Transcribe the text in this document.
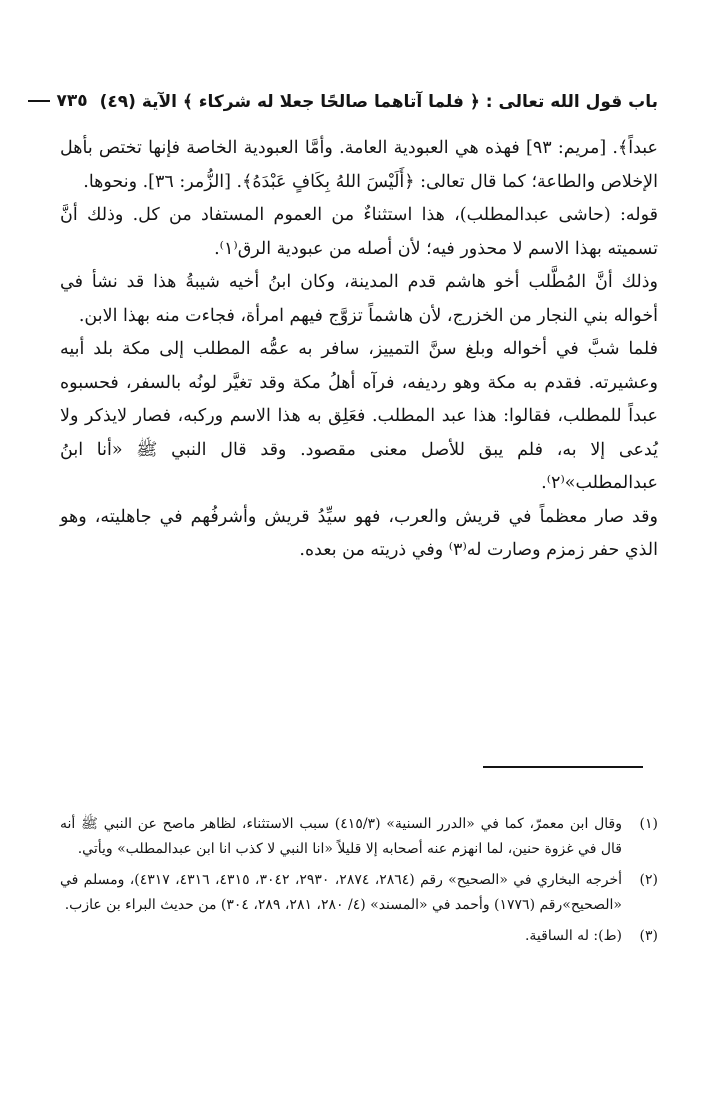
باب قول الله تعالى : ﴿ فلما آتاهما صالحًا جعلا له شركاء ﴾ الآية (٤٩)
٧٣٥

عبداً﴾. [مريم: ٩٣] فهذه هي العبودية العامة. وأمَّا العبودية الخاصة فإنها تختص بأهل الإخلاص والطاعة؛ كما قال تعالى: ﴿أَلَيْسَ اللهُ بِكَافٍ عَبْدَهُ﴾. [الزُّمر: ٣٦]. ونحوها.

قوله: (حاشى عبدالمطلب)، هذا استثناءٌ من العموم المستفاد من كل. وذلك أنَّ تسميته بهذا الاسم لا محذور فيه؛ لأن أصله من عبودية الرق⁽١⁾.

وذلك أنَّ المُطَّلب أخو هاشم قدم المدينة، وكان ابنُ أخيه شيبةُ هذا قد نشأ في أخواله بني النجار من الخزرج، لأن هاشماً تزوَّج فيهم امرأة، فجاءت منه بهذا الابن.

فلما شبَّ في أخواله وبلغ سنَّ التمييز، سافر به عمُّه المطلب إلى مكة بلد أبيه وعشيرته. فقدم به مكة وهو رديفه، فرآه أهلُ مكة وقد تغيَّر لونُه بالسفر، فحسبوه عبداً للمطلب، فقالوا: هذا عبد المطلب. فعَلِق به هذا الاسم وركبه، فصار لايذكر ولا يُدعى إلا به، فلم يبق للأصل معنى مقصود. وقد قال النبي ﷺ «أنا ابنُ عبدالمطلب»⁽٢⁾.

وقد صار معظماً في قريش والعرب، فهو سيِّدُ قريش وأشرفُهم في جاهليته، وهو الذي حفر زمزم وصارت له⁽٣⁾ وفي ذريته من بعده.

(١)
وقال ابن معمرّ، كما في «الدرر السنية» (٤١٥/٣) سبب الاستثناء، لظاهر ماصح عن النبي ﷺ أنه قال في غزوة حنين، لما انهزم عنه أصحابه إلا قليلاً «انا النبي لا كذب انا ابن عبدالمطلب» ويأتي.
(٢)
أخرجه البخاري في «الصحيح» رقم (٢٨٦٤، ٢٨٧٤، ٢٩٣٠، ٣٠٤٢، ٤٣١٥، ٤٣١٦، ٤٣١٧)، ومسلم في «الصحيح»رقم (١٧٧٦) وأحمد في «المسند» (٤/ ٢٨٠، ٢٨١، ٢٨٩، ٣٠٤) من حديث البراء بن عازب.
(٣)
(ط): له الساقية.
